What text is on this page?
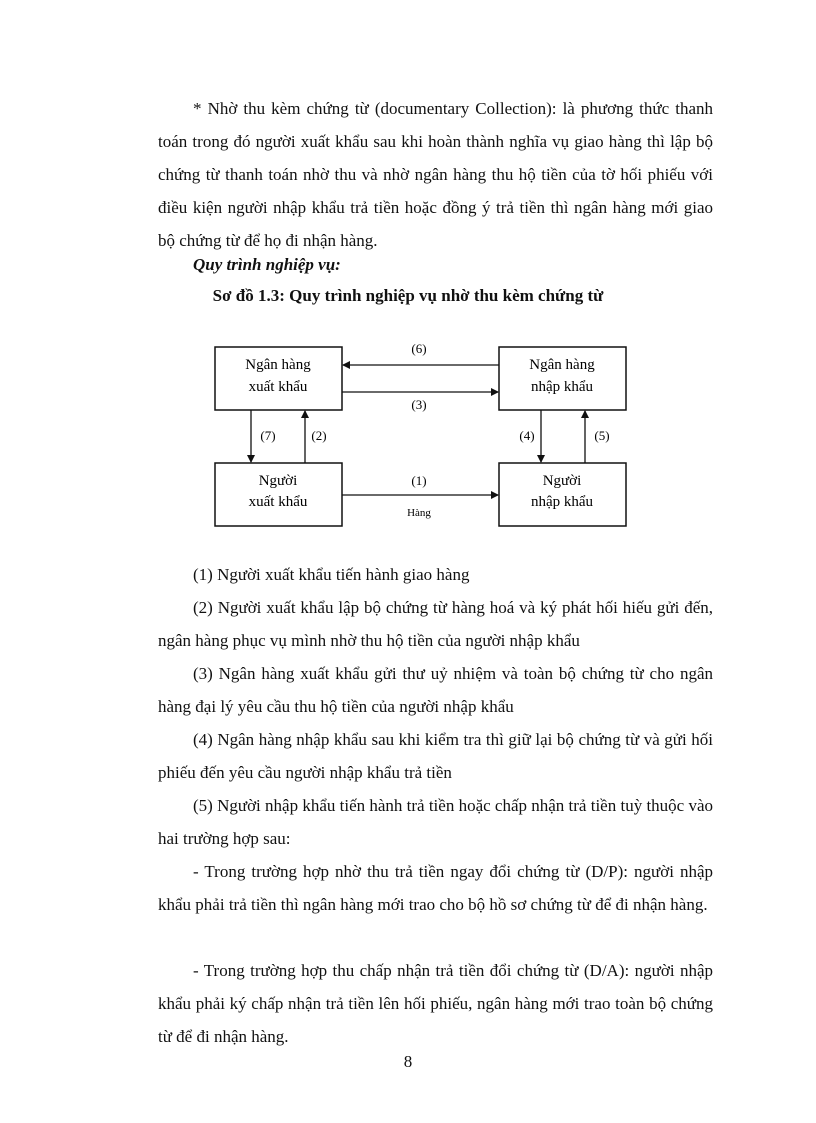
* Nhờ thu kèm chứng từ (documentary Collection): là phương thức thanh toán trong đó người xuất khẩu sau khi hoàn thành nghĩa vụ giao hàng thì lập bộ chứng từ thanh toán nhờ thu và nhờ ngân hàng thu hộ tiền của tờ hối phiếu với điều kiện người nhập khẩu trả tiền hoặc đồng ý trả tiền thì ngân hàng mới giao bộ chứng từ để họ đi nhận hàng.

Quy trình nghiệp vụ:
Sơ đồ 1.3: Quy trình nghiệp vụ nhờ thu kèm chứng từ
Ngân hàng
xuất khẩu
Ngân hàng
nhập khẩu
Người
xuất khẩu
Người
nhập khẩu
(6)
(3)
(7)	(2)	(4)	(5)
(1)
Hàng

(1) Người xuất khẩu tiến hành giao hàng

(2) Người xuất khẩu lập bộ chứng từ hàng hoá và ký phát hối hiếu gửi đến, ngân hàng phục vụ mình nhờ thu hộ tiền của người nhập khẩu

(3) Ngân hàng xuất khẩu gửi thư uỷ nhiệm và toàn bộ chứng từ cho ngân hàng đại lý yêu cầu thu hộ tiền của người nhập khẩu

(4) Ngân hàng nhập khẩu sau khi kiểm tra thì giữ lại bộ chứng từ và gửi hối phiếu đến yêu cầu người nhập khẩu trả tiền

(5) Người nhập khẩu tiến hành trả tiền hoặc chấp nhận trả tiền tuỳ thuộc vào hai trường hợp sau:

- Trong trường hợp nhờ thu trả tiền ngay đổi chứng từ (D/P): người nhập khẩu phải trả tiền thì ngân hàng mới trao cho bộ hồ sơ chứng từ để đi nhận hàng.

- Trong trường hợp thu chấp nhận trả tiền đổi chứng từ (D/A): người nhập khẩu phải ký chấp nhận trả tiền lên hối phiếu, ngân hàng mới trao toàn bộ chứng từ để đi nhận hàng.

8
